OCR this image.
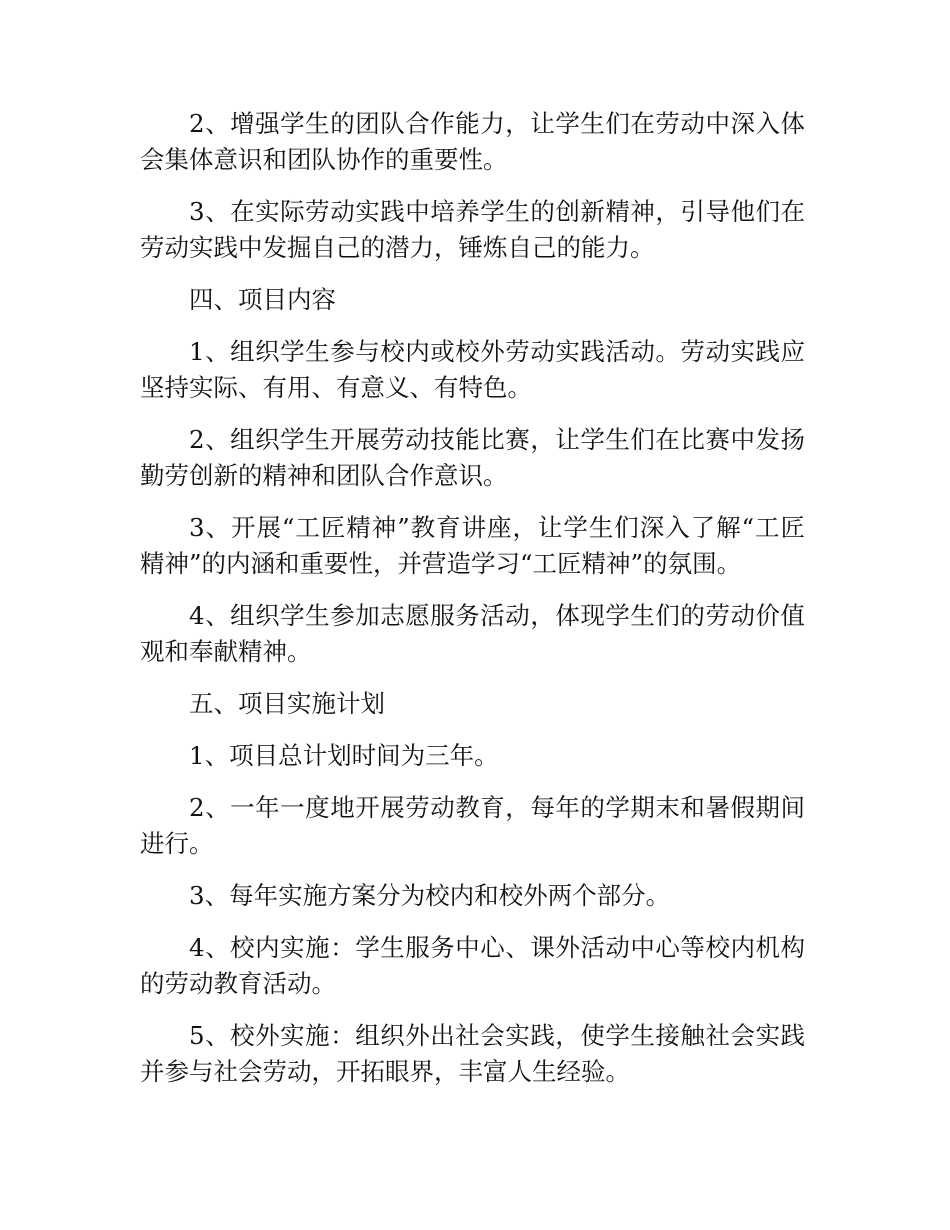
2、增强学生的团队合作能力，让学生们在劳动中深入体会集体意识和团队协作的重要性。

3、在实际劳动实践中培养学生的创新精神，引导他们在劳动实践中发掘自己的潜力，锤炼自己的能力。

四、项目内容

1、组织学生参与校内或校外劳动实践活动。劳动实践应坚持实际、有用、有意义、有特色。

2、组织学生开展劳动技能比赛，让学生们在比赛中发扬勤劳创新的精神和团队合作意识。

3、开展“工匠精神”教育讲座，让学生们深入了解“工匠精神”的内涵和重要性，并营造学习“工匠精神”的氛围。

4、组织学生参加志愿服务活动，体现学生们的劳动价值观和奉献精神。

五、项目实施计划

1、项目总计划时间为三年。

2、一年一度地开展劳动教育，每年的学期末和暑假期间进行。

3、每年实施方案分为校内和校外两个部分。

4、校内实施：学生服务中心、课外活动中心等校内机构的劳动教育活动。

5、校外实施：组织外出社会实践，使学生接触社会实践并参与社会劳动，开拓眼界，丰富人生经验。
